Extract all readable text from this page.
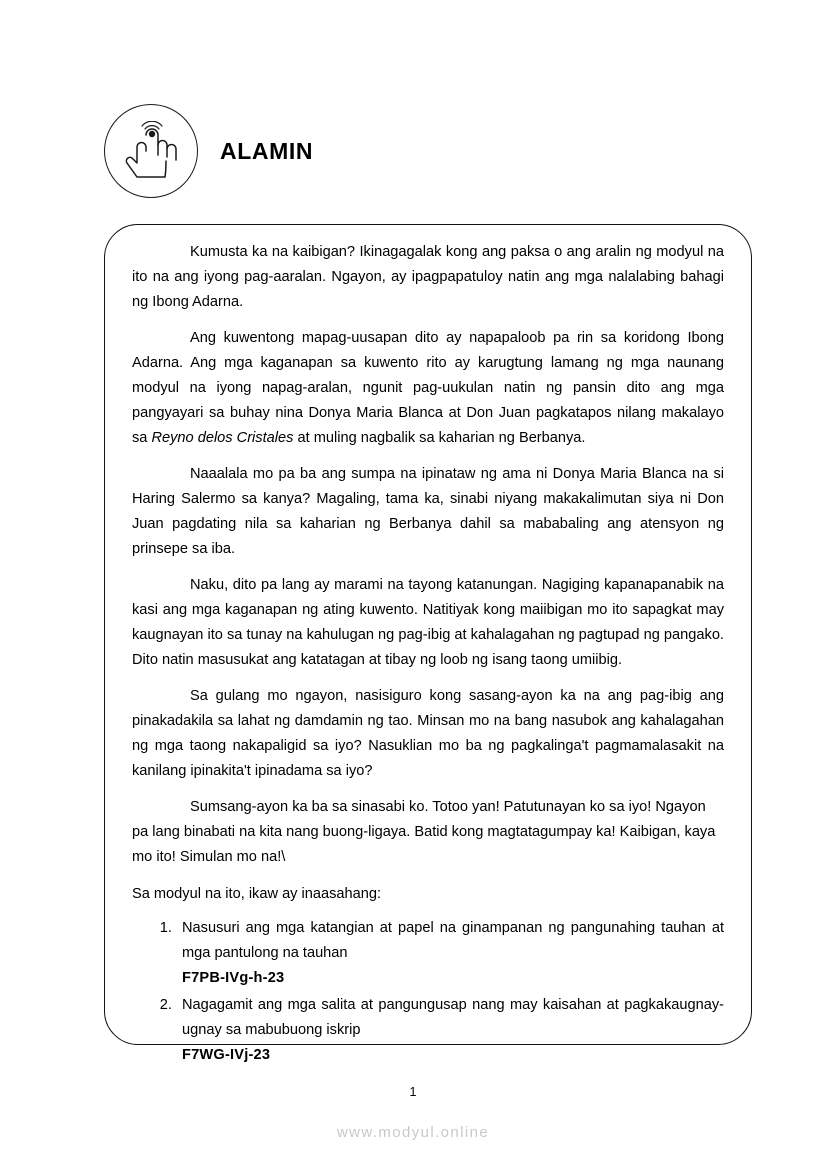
ALAMIN

Kumusta ka na kaibigan? Ikinagagalak kong ang paksa o ang aralin ng modyul na ito na ang iyong pag-aaralan. Ngayon, ay ipagpapatuloy natin ang mga nalalabing bahagi ng Ibong Adarna.

Ang kuwentong mapag-uusapan dito ay napapaloob pa rin sa koridong Ibong Adarna. Ang mga kaganapan sa kuwento rito ay karugtung lamang ng mga naunang modyul na iyong napag-aralan, ngunit pag-uukulan natin ng pansin dito ang mga pangyayari sa buhay nina Donya Maria Blanca at Don Juan pagkatapos nilang makalayo sa Reyno delos Cristales at muling nagbalik sa kaharian ng Berbanya.

Naaalala mo pa ba ang sumpa na ipinataw ng ama ni Donya Maria Blanca na si Haring Salermo sa kanya? Magaling, tama ka, sinabi niyang makakalimutan siya ni Don Juan pagdating nila sa kaharian ng Berbanya dahil sa mababaling ang atensyon ng prinsepe sa iba.

Naku, dito pa lang ay marami na tayong katanungan. Nagiging kapanapanabik na kasi ang mga kaganapan ng ating kuwento. Natitiyak kong maiibigan mo ito sapagkat may kaugnayan ito sa tunay na kahulugan ng pag-ibig at kahalagahan ng pagtupad ng pangako. Dito natin masusukat ang katatagan at tibay ng loob ng isang taong umiibig.

Sa gulang mo ngayon, nasisiguro kong sasang-ayon ka na ang pag-ibig ang pinakadakila sa lahat ng damdamin ng tao. Minsan mo na bang nasubok ang kahalagahan ng mga taong nakapaligid sa iyo? Nasuklian mo ba ng pagkalinga't pagmamalasakit na kanilang ipinakita't ipinadama sa iyo?

Sumsang-ayon ka ba sa sinasabi ko. Totoo yan! Patutunayan ko sa iyo! Ngayon pa lang binabati na kita nang buong-ligaya. Batid kong magtatagumpay ka! Kaibigan, kaya mo ito! Simulan mo na!\

Sa modyul na ito, ikaw ay inaasahang:
1. Nasusuri ang mga katangian at papel na ginampanan ng pangunahing tauhan at mga pantulong na tauhan
F7PB-IVg-h-23
2. Nagagamit ang mga salita at pangungusap nang may kaisahan at pagkakaugnay-ugnay sa mabubuong iskrip
F7WG-IVj-23
1
www.modyul.online
